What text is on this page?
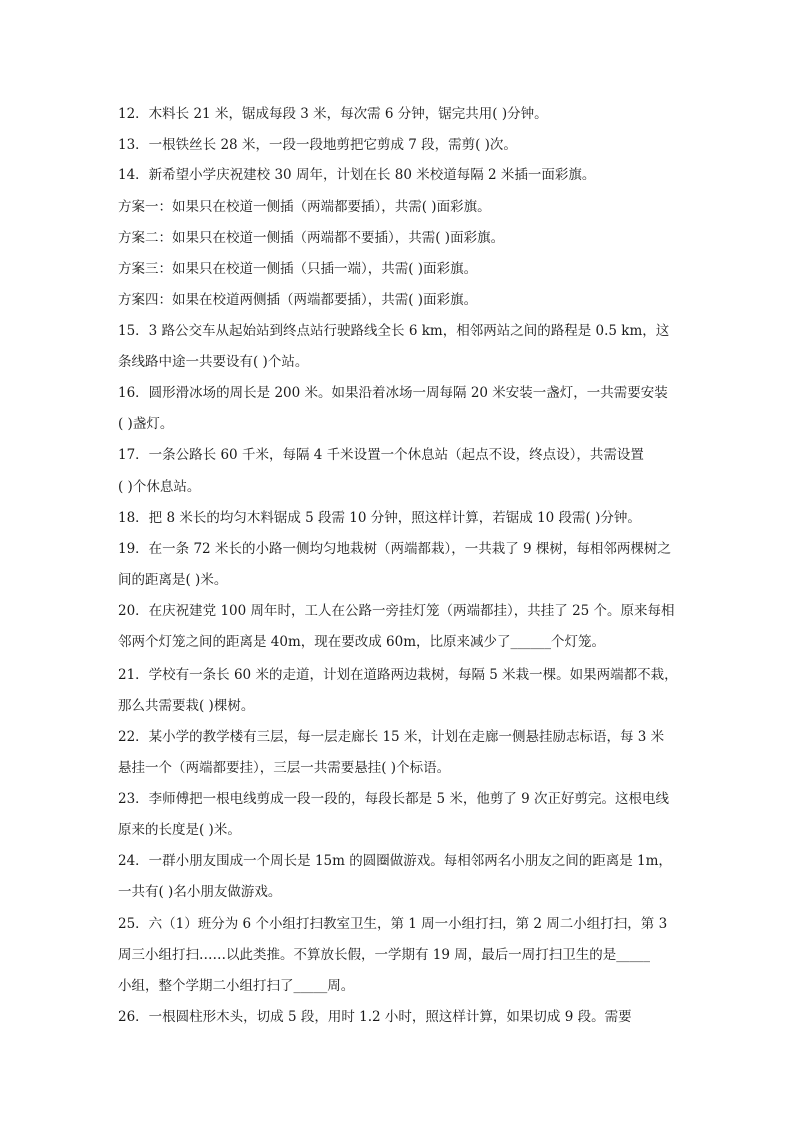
12．木料长 21 米，锯成每段 3 米，每次需 6 分钟，锯完共用( )分钟。
13．一根铁丝长 28 米，一段一段地剪把它剪成 7 段，需剪( )次。
14．新希望小学庆祝建校 30 周年，计划在长 80 米校道每隔 2 米插一面彩旗。
方案一：如果只在校道一侧插（两端都要插），共需( )面彩旗。
方案二：如果只在校道一侧插（两端都不要插），共需( )面彩旗。
方案三：如果只在校道一侧插（只插一端），共需( )面彩旗。
方案四：如果在校道两侧插（两端都要插），共需( )面彩旗。
15．3 路公交车从起始站到终点站行驶路线全长 6 km，相邻两站之间的路程是 0.5 km，这
条线路中途一共要设有( )个站。
16．圆形滑冰场的周长是 200 米。如果沿着冰场一周每隔 20 米安装一盏灯，一共需要安装
( )盏灯。
17．一条公路长 60 千米，每隔 4 千米设置一个休息站（起点不设，终点设），共需设置
( )个休息站。
18．把 8 米长的均匀木料锯成 5 段需 10 分钟，照这样计算，若锯成 10 段需( )分钟。
19．在一条 72 米长的小路一侧均匀地栽树（两端都栽），一共栽了 9 棵树，每相邻两棵树之
间的距离是( )米。
20．在庆祝建党 100 周年时，工人在公路一旁挂灯笼（两端都挂），共挂了 25 个。原来每相
邻两个灯笼之间的距离是 40m，现在要改成 60m，比原来减少了______个灯笼。
21．学校有一条长 60 米的走道，计划在道路两边栽树，每隔 5 米栽一棵。如果两端都不栽，
那么共需要栽( )棵树。
22．某小学的教学楼有三层，每一层走廊长 15 米，计划在走廊一侧悬挂励志标语，每 3 米
悬挂一个（两端都要挂），三层一共需要悬挂( )个标语。
23．李师傅把一根电线剪成一段一段的，每段长都是 5 米，他剪了 9 次正好剪完。这根电线
原来的长度是( )米。
24．一群小朋友围成一个周长是 15m 的圆圈做游戏。每相邻两名小朋友之间的距离是 1m，
一共有( )名小朋友做游戏。
25．六（1）班分为 6 个小组打扫教室卫生，第 1 周一小组打扫，第 2 周二小组打扫，第 3
周三小组打扫……以此类推。不算放长假，一学期有 19 周，最后一周打扫卫生的是_____
小组，整个学期二小组打扫了_____周。
26．一根圆柱形木头，切成 5 段，用时 1.2 小时，照这样计算，如果切成 9 段。需要
